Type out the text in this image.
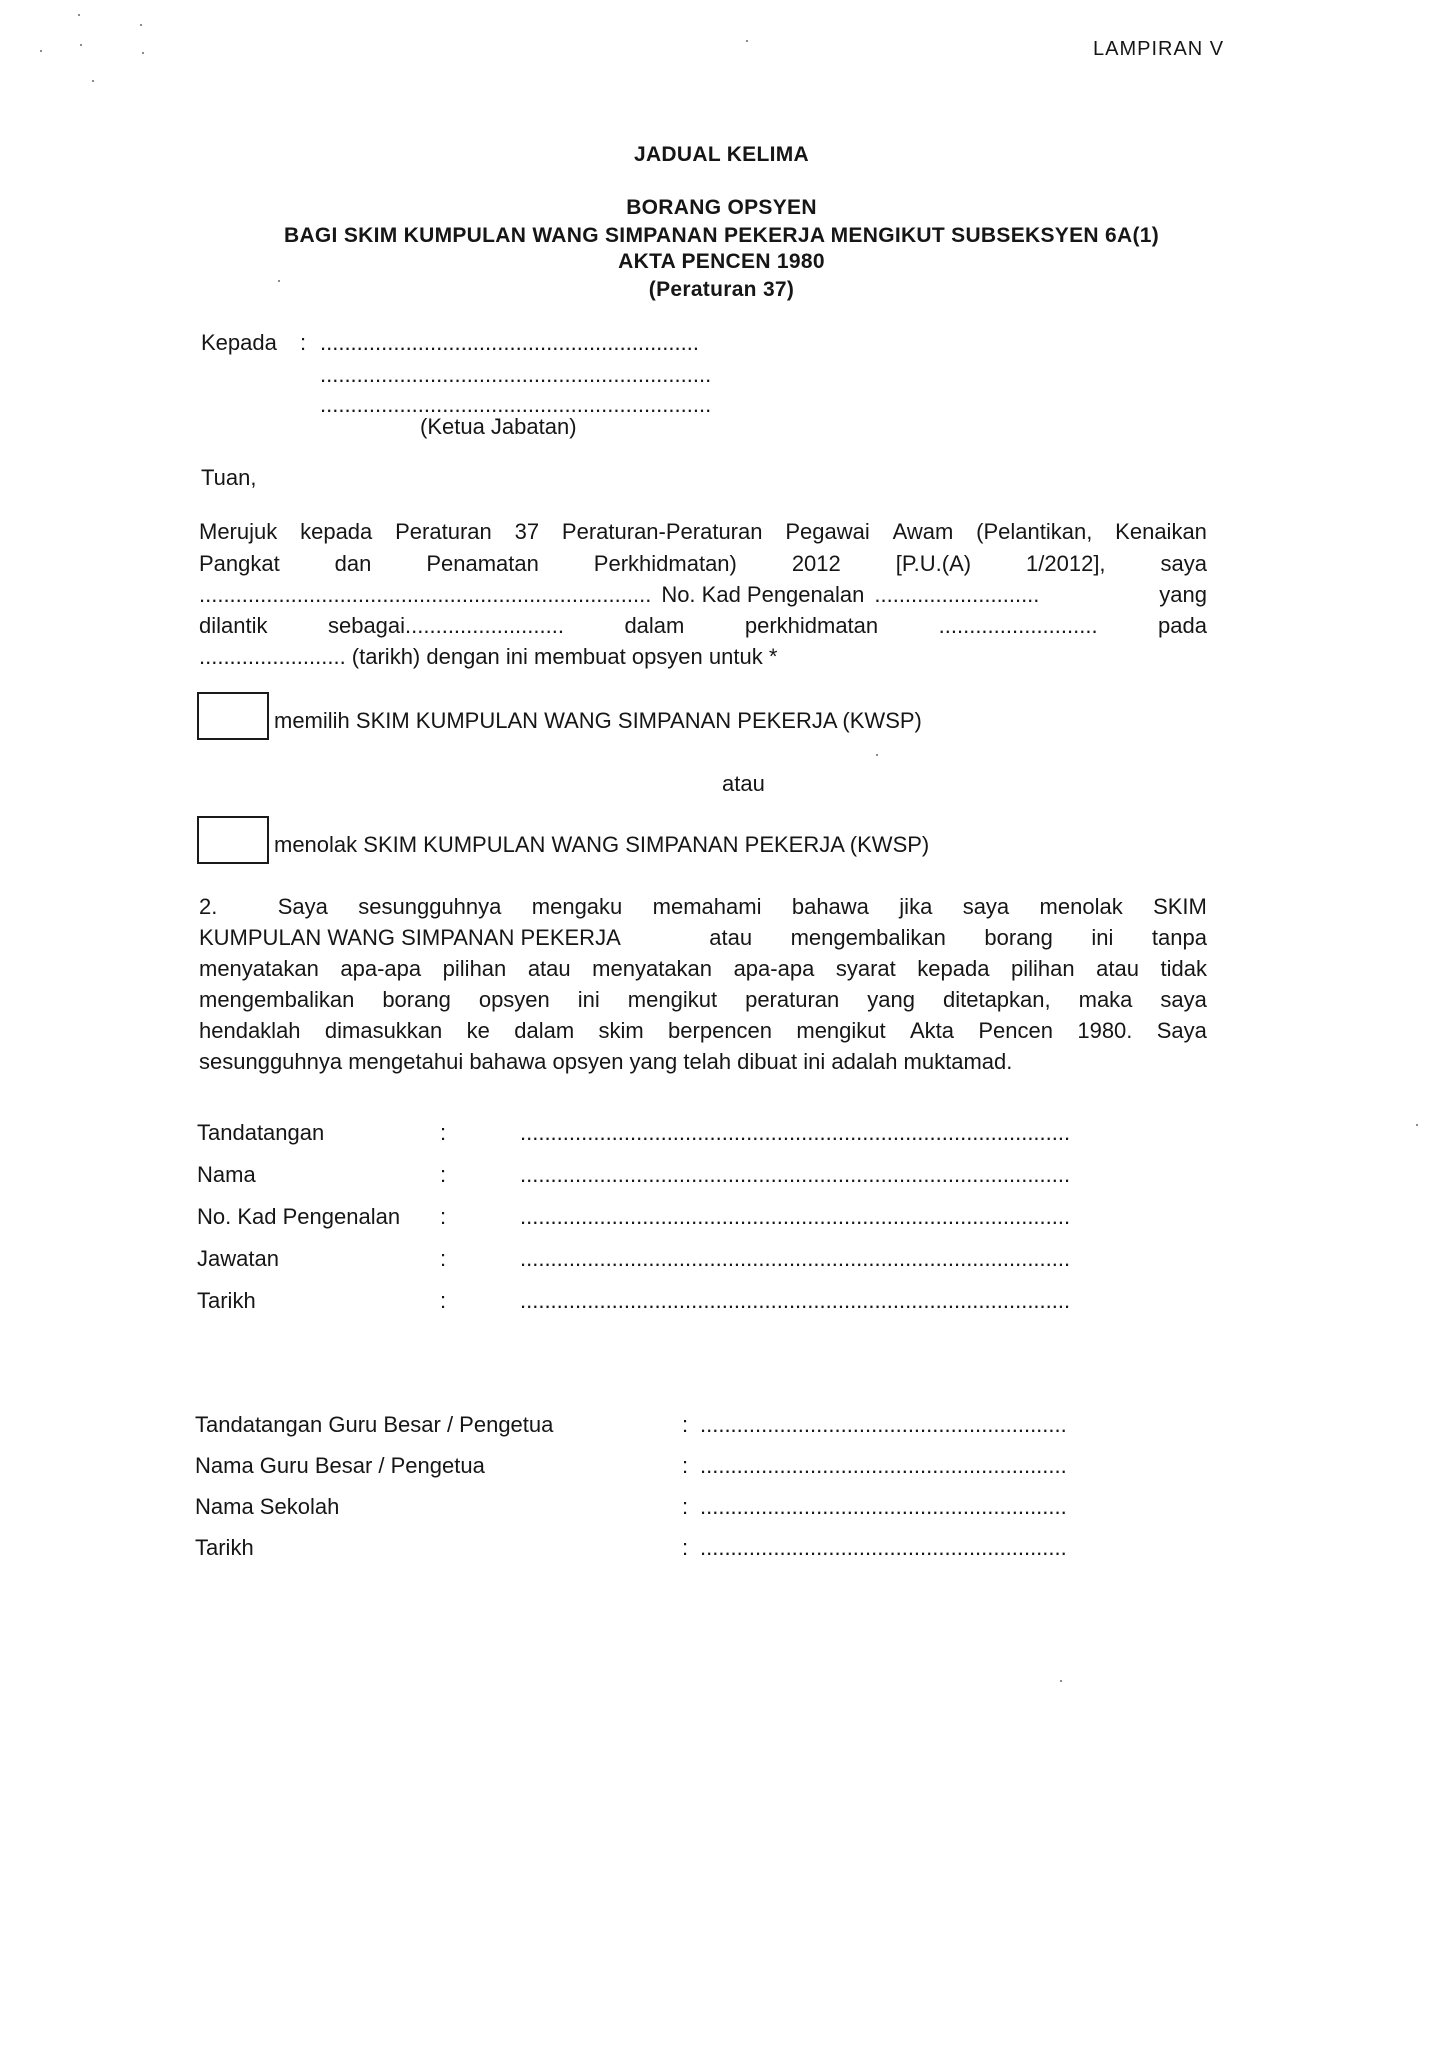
LAMPIRAN V
JADUAL KELIMA
BORANG OPSYEN
BAGI SKIM KUMPULAN WANG SIMPANAN PEKERJA MENGIKUT SUBSEKSYEN 6A(1)
AKTA PENCEN 1980
(Peraturan 37)
Kepada : ..............................................................
................................................................
................................................................
(Ketua Jabatan)
Tuan,
Merujuk kepada Peraturan 37 Peraturan-Peraturan Pegawai Awam (Pelantikan, Kenaikan
Pangkat dan Penamatan Perkhidmatan) 2012 [P.U.(A) 1/2012], saya
.......................................................................... No. Kad Pengenalan ...........................	yang
dilantik	sebagai..........................	dalam	perkhidmatan	..........................	pada
........................ (tarikh) dengan ini membuat opsyen untuk *
memilih SKIM KUMPULAN WANG SIMPANAN PEKERJA (KWSP)
atau
menolak SKIM KUMPULAN WANG SIMPANAN PEKERJA (KWSP)
2.	Saya sesungguhnya mengaku memahami bahawa jika saya menolak SKIM
KUMPULAN WANG SIMPANAN PEKERJA	atau mengembalikan borang ini tanpa
menyatakan apa-apa pilihan atau menyatakan apa-apa syarat kepada pilihan atau tidak
mengembalikan borang opsyen ini mengikut peraturan yang ditetapkan, maka saya
hendaklah dimasukkan ke dalam skim berpencen mengikut Akta Pencen 1980. Saya
sesungguhnya mengetahui bahawa opsyen yang telah dibuat ini adalah muktamad.
Tandatangan	:	..........................................................................................
Nama	:	..........................................................................................
No. Kad Pengenalan :	..........................................................................................
Jawatan	:	..........................................................................................
Tarikh	:	..........................................................................................
Tandatangan Guru Besar / Pengetua	: ............................................................
Nama Guru Besar / Pengetua	: ............................................................
Nama Sekolah	: ............................................................
Tarikh	: ............................................................
